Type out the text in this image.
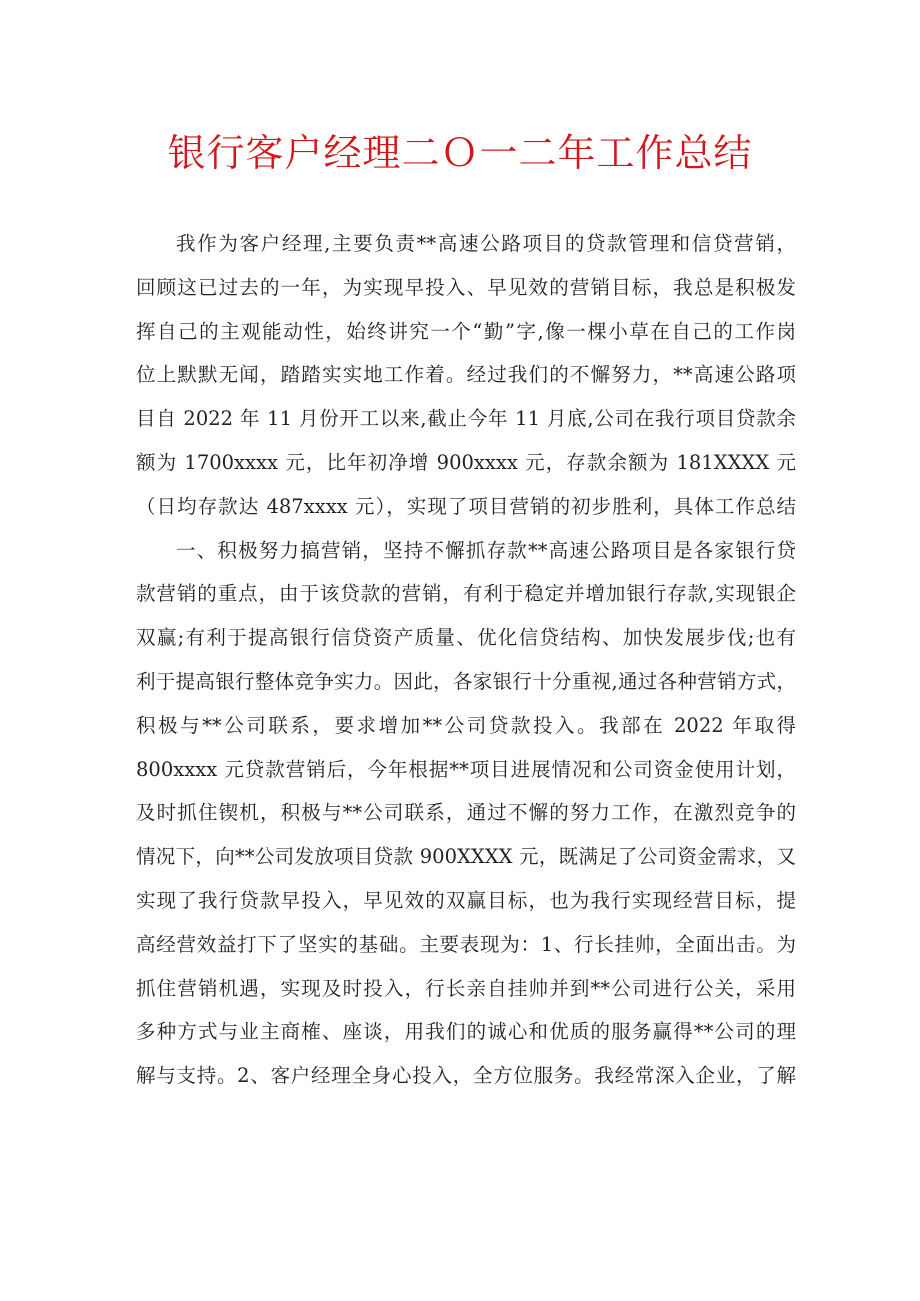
银行客户经理二Ｏ一二年工作总结
我作为客户经理,主要负责**高速公路项目的贷款管理和信贷营销，
回顾这已过去的一年，为实现早投入、早见效的营销目标，我总是积极发
挥自己的主观能动性，始终讲究一个“勤”字,像一棵小草在自己的工作岗
位上默默无闻，踏踏实实地工作着。经过我们的不懈努力，**高速公路项
目自 2022 年 11 月份开工以来,截止今年 11 月底,公司在我行项目贷款余
额为 1700xxxx 元，比年初净增 900xxxx 元，存款余额为 181XXXX 元
（日均存款达 487xxxx 元），实现了项目营销的初步胜利，具体工作总结
一、积极努力搞营销，坚持不懈抓存款**高速公路项目是各家银行贷
款营销的重点，由于该贷款的营销，有利于稳定并增加银行存款,实现银企
双赢;有利于提高银行信贷资产质量、优化信贷结构、加快发展步伐;也有
利于提高银行整体竞争实力。因此，各家银行十分重视,通过各种营销方式，
积极与**公司联系，要求增加**公司贷款投入。我部在 2022 年取得
800xxxx 元贷款营销后，今年根据**项目进展情况和公司资金使用计划，
及时抓住锲机，积极与**公司联系，通过不懈的努力工作，在激烈竞争的
情况下，向**公司发放项目贷款 900XXXX 元，既满足了公司资金需求，又
实现了我行贷款早投入，早见效的双赢目标，也为我行实现经营目标，提
高经营效益打下了坚实的基础。主要表现为：1、行长挂帅，全面出击。为
抓住营销机遇，实现及时投入，行长亲自挂帅并到**公司进行公关，采用
多种方式与业主商榷、座谈，用我们的诚心和优质的服务赢得**公司的理
解与支持。2、客户经理全身心投入，全方位服务。我经常深入企业，了解
